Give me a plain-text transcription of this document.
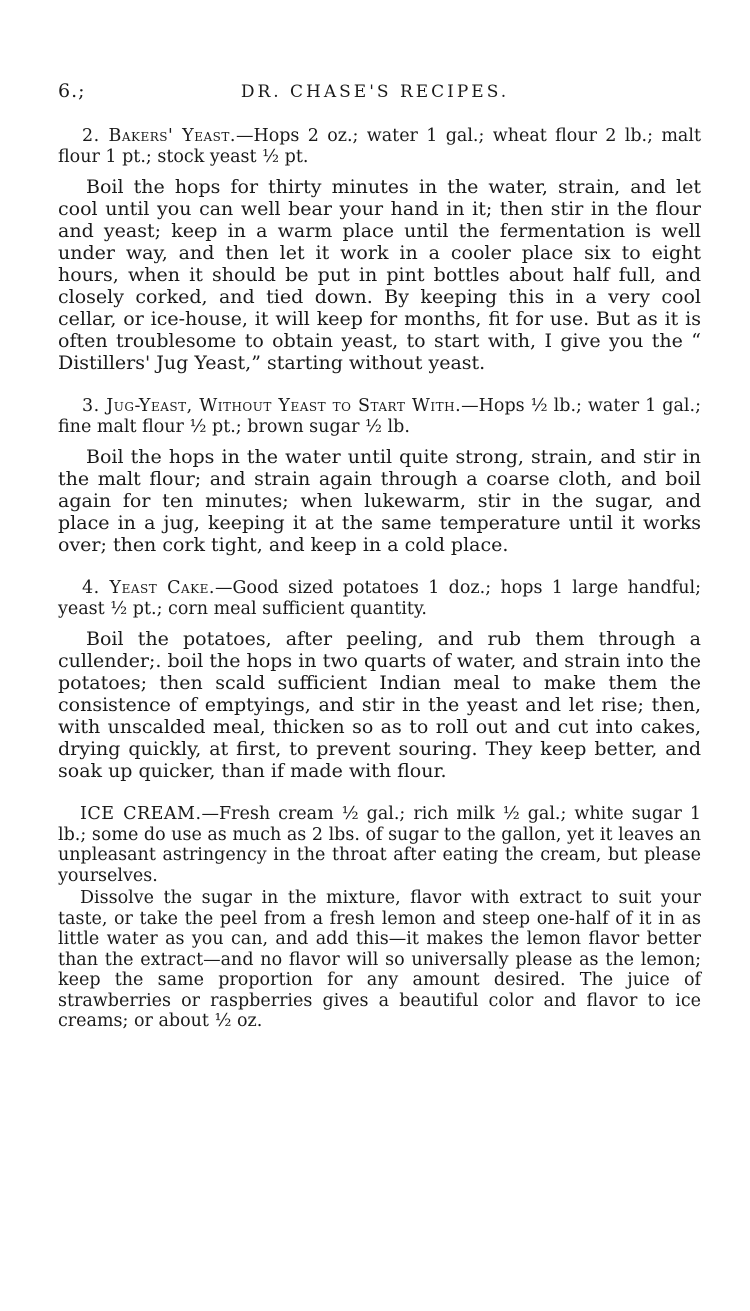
6.;	DR. CHASE'S RECIPES.

2. Bakers' Yeast.—Hops 2 oz.; water 1 gal.; wheat flour 2 lb.; malt flour 1 pt.; stock yeast ½ pt.

Boil the hops for thirty minutes in the water, strain, and let cool until you can well bear your hand in it; then stir in the flour and yeast; keep in a warm place until the fermentation is well under way, and then let it work in a cooler place six to eight hours, when it should be put in pint bottles about half full, and closely corked, and tied down. By keeping this in a very cool cellar, or ice-house, it will keep for months, fit for use. But as it is often troublesome to obtain yeast, to start with, I give you the “ Distillers' Jug Yeast,” starting without yeast.

3. Jug-Yeast, Without Yeast to Start With.—Hops ½ lb.; water 1 gal.; fine malt flour ½ pt.; brown sugar ½ lb.

Boil the hops in the water until quite strong, strain, and stir in the malt flour; and strain again through a coarse cloth, and boil again for ten minutes; when lukewarm, stir in the sugar, and place in a jug, keeping it at the same temperature until it works over; then cork tight, and keep in a cold place.

4. Yeast Cake.—Good sized potatoes 1 doz.; hops 1 large handful; yeast ½ pt.; corn meal sufficient quantity.

Boil the potatoes, after peeling, and rub them through a cullender;. boil the hops in two quarts of water, and strain into the potatoes; then scald sufficient Indian meal to make them the consistence of emptyings, and stir in the yeast and let rise; then, with unscalded meal, thicken so as to roll out and cut into cakes, drying quickly, at first, to prevent souring. They keep better, and soak up quicker, than if made with flour.

ICE CREAM.—Fresh cream ½ gal.; rich milk ½ gal.; white sugar 1 lb.; some do use as much as 2 lbs. of sugar to the gallon, yet it leaves an unpleasant astringency in the throat after eating the cream, but please yourselves.

Dissolve the sugar in the mixture, flavor with extract to suit your taste, or take the peel from a fresh lemon and steep one-half of it in as little water as you can, and add this—it makes the lemon flavor better than the extract—and no flavor will so universally please as the lemon; keep the same proportion for any amount desired. The juice of strawberries or raspberries gives a beautiful color and flavor to ice creams; or about ½ oz.
